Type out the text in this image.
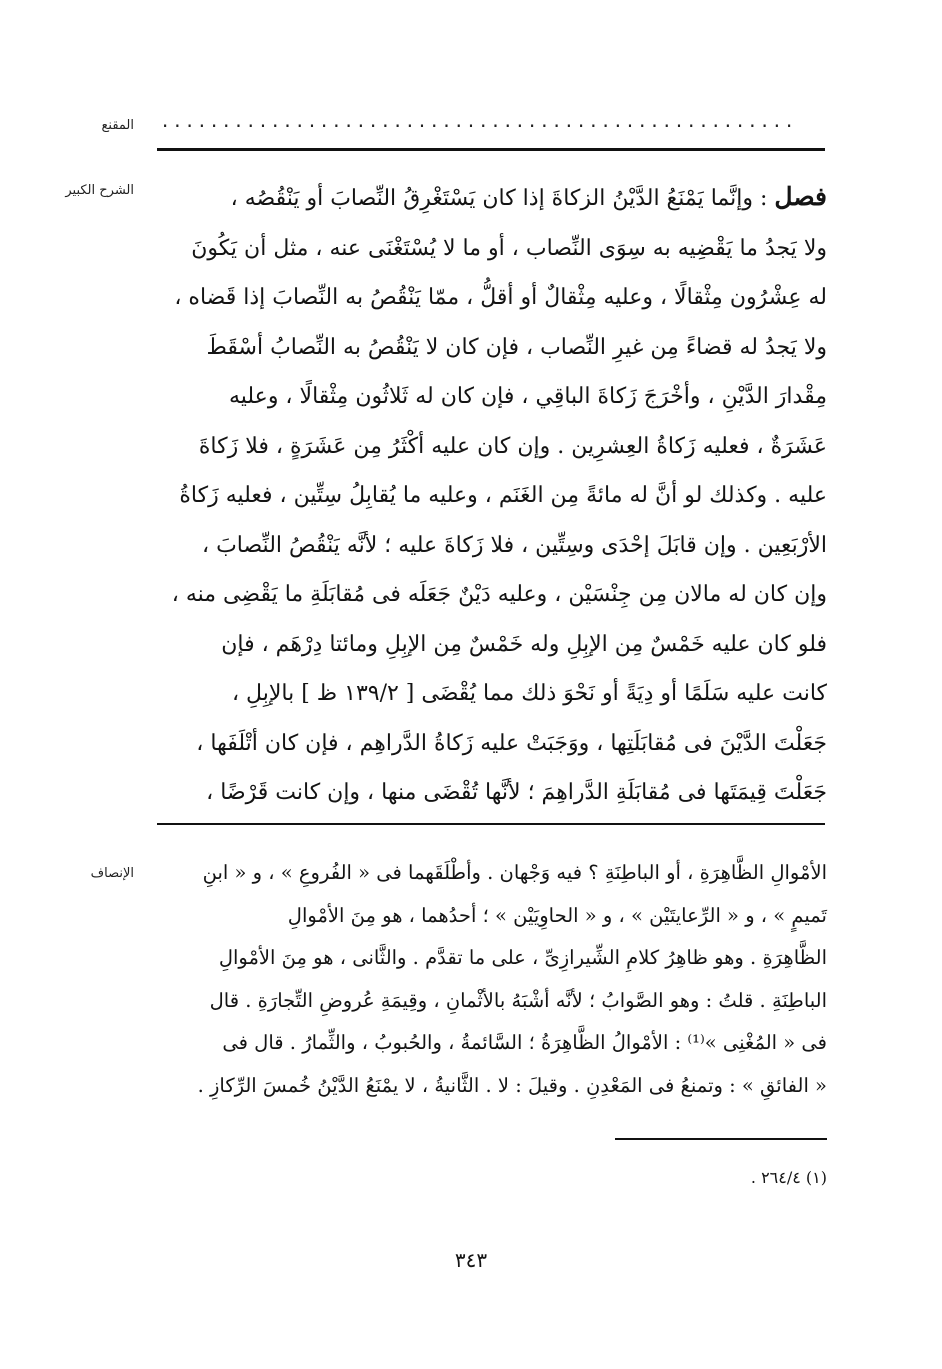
المقنع ....................................................
الشرح الكبير	فصل : وإنَّما يَمْنَعُ الدَّيْنُ الزكاةَ إذا كان يَسْتَغْرِقُ النِّصابَ أو يَنْقُصُه ،

ولا يَجدُ ما يَقْضِيه به سِوَى النِّصاب ، أو ما لا يُسْتَغْنَى عنه ، مثل أن يَكُونَ

له عِشْرُون مِثْقالًا ، وعليه مِثْقالٌ أو أقلُّ ، ممّا يَنْقُصُ به النِّصابَ إذا قَضاه ،

ولا يَجدُ له قضاءً مِن غيرِ النِّصاب ، فإن كان لا يَنْقُصُ به النِّصابُ أسْقَطَ

مِقْدارَ الدَّيْنِ ، وأخْرَجَ زَكاةَ الباقِي ، فإن كان له ثَلاثُون مِثْقالًا ، وعليه

عَشَرَةٌ ، فعليه زَكاةُ العِشرِين . وإن كان عليه أكْثَرُ مِن عَشَرَةٍ ، فلا زَكاةَ

عليه . وكذلك لو أنَّ له مائةً مِن الغَنَم ، وعليه ما يُقابِلُ سِتِّين ، فعليه زَكاةُ

الأرْبَعِين . وإن قابَلَ إحْدَى وسِتِّين ، فلا زَكاةَ عليه ؛ لأنَّه يَنْقُصُ النِّصابَ ،

وإن كان له مالان مِن جِنْسَيْن ، وعليه دَيْنٌ جَعَلَه فى مُقابَلَةِ ما يَقْضِى منه ،

فلو كان عليه خَمْسٌ مِن الإبِلِ وله خَمْسٌ مِن الإبِلِ ومائتا دِرْهَم ، فإن

كانت عليه سَلَمًا أو دِيَةً أو نَحْوَ ذلك مما يُقْضَى [ ١٣٩/٢ ظ ] بالإبِلِ ،

جَعَلْتَ الدَّيْنَ فى مُقابَلَتِها ، ووَجَبَتْ عليه زَكاةُ الدَّراهِم ، فإن كان أتْلَفَها ،

جَعَلْتَ قِيمَتَها فى مُقابَلَةِ الدَّراهِمَ ؛ لأنَّها تُقْضَى منها ، وإن كانت قَرْضًا ،

الإنصاف	الأمْوالِ الظَّاهِرَةِ ، أو الباطِنَةِ ؟ فيه وَجْهان . وأطْلَقَهما فى « الفُروعِ » ، و « ابنِ

تَميمٍ » ، و « الرِّعايتَيْن » ، و « الحاوِيَيْن » ؛ أحدُهما ، هو مِنَ الأمْوالِ

الظَّاهِرَةِ . وهو ظاهِرُ كلامِ الشِّيرازِىِّ ، على ما تقدَّم . والثَّانى ، هو مِنَ الأمْوالِ

الباطِنَةِ . قلتُ : وهو الصَّوابُ ؛ لأنَّه أشْبَهُ بالأثْمانِ ، وقِيمَةِ عُروضِ التِّجارَةِ . قال

فى « المُغْنِى »⁽¹⁾ : الأمْوالُ الظَّاهِرَةُ ؛ السَّائمةُ ، والحُبوبُ ، والثِّمارُ . قال فى

« الفائقِ » : وتمنعُ فى المَعْدِنِ . وقيلَ : لا . الثَّانيةُ ، لا يمْنَعُ الدَّيْنُ خُمسَ الرِّكازِ .

(١) ٢٦٤/٤ .
٣٤٣
